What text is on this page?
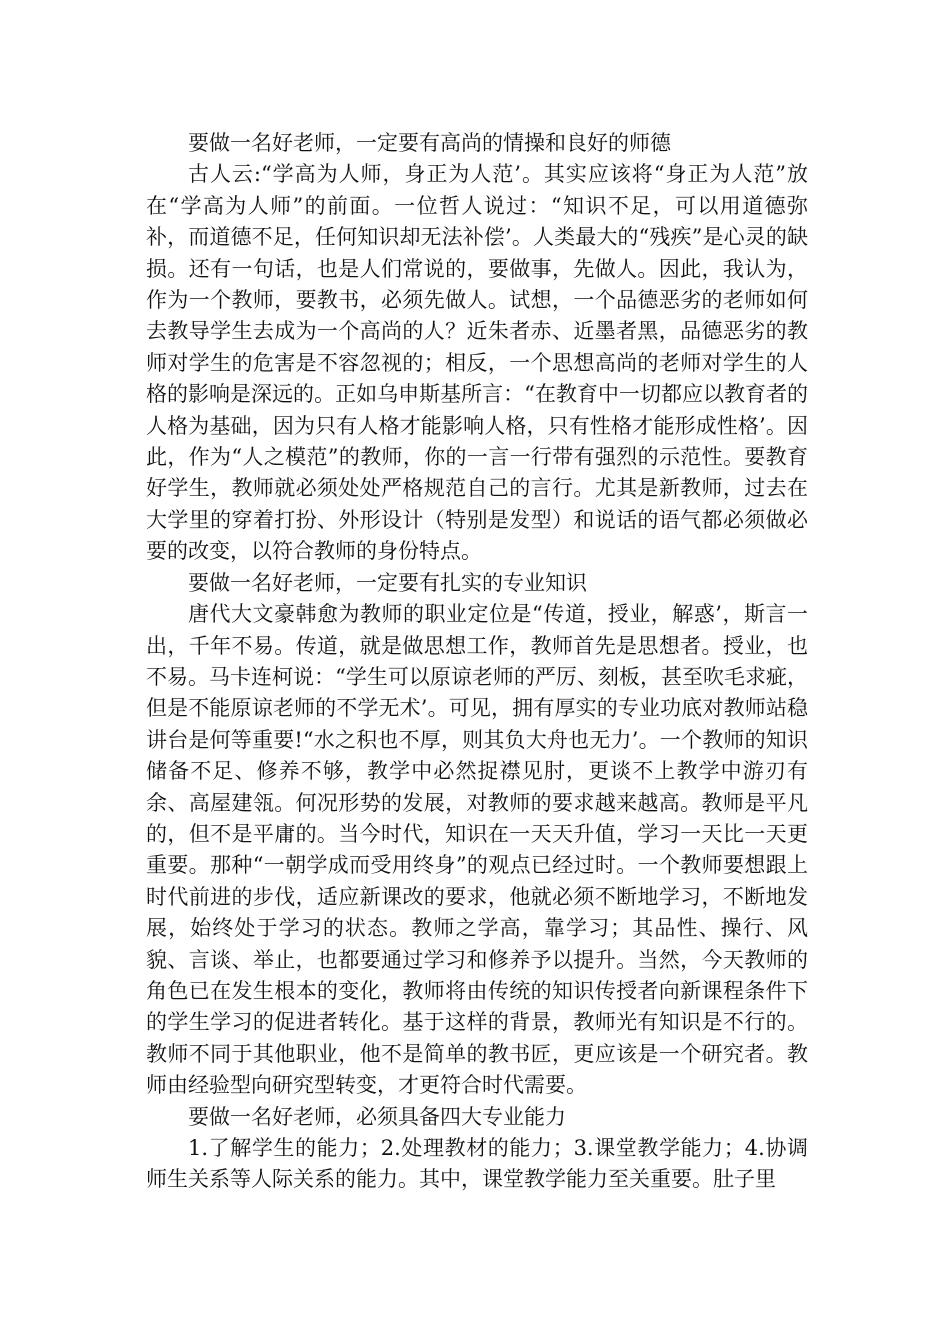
要做一名好老师，一定要有高尚的情操和良好的师德

古人云:“学高为人师，身正为人范’。其实应该将“身正为人范”放在“学高为人师”的前面。一位哲人说过：“知识不足，可以用道德弥补，而道德不足，任何知识却无法补偿’。人类最大的“残疾”是心灵的缺损。还有一句话，也是人们常说的，要做事，先做人。因此，我认为，作为一个教师，要教书，必须先做人。试想，一个品德恶劣的老师如何去教导学生去成为一个高尚的人？近朱者赤、近墨者黑，品德恶劣的教师对学生的危害是不容忽视的；相反，一个思想高尚的老师对学生的人格的影响是深远的。正如乌申斯基所言：“在教育中一切都应以教育者的人格为基础，因为只有人格才能影响人格，只有性格才能形成性格’。因此，作为“人之模范”的教师，你的一言一行带有强烈的示范性。要教育好学生，教师就必须处处严格规范自己的言行。尤其是新教师，过去在大学里的穿着打扮、外形设计（特别是发型）和说话的语气都必须做必要的改变，以符合教师的身份特点。

要做一名好老师，一定要有扎实的专业知识

唐代大文豪韩愈为教师的职业定位是“传道，授业，解惑’，斯言一出，千年不易。传道，就是做思想工作，教师首先是思想者。授业，也不易。马卡连柯说：“学生可以原谅老师的严厉、刻板，甚至吹毛求疵，但是不能原谅老师的不学无术’。可见，拥有厚实的专业功底对教师站稳讲台是何等重要!“水之积也不厚，则其负大舟也无力’。一个教师的知识储备不足、修养不够，教学中必然捉襟见肘，更谈不上教学中游刃有余、高屋建瓴。何况形势的发展，对教师的要求越来越高。教师是平凡的，但不是平庸的。当今时代，知识在一天天升值，学习一天比一天更重要。那种“一朝学成而受用终身”的观点已经过时。一个教师要想跟上时代前进的步伐，适应新课改的要求，他就必须不断地学习，不断地发展，始终处于学习的状态。教师之学高，靠学习；其品性、操行、风貌、言谈、举止，也都要通过学习和修养予以提升。当然，今天教师的角色已在发生根本的变化，教师将由传统的知识传授者向新课程条件下的学生学习的促进者转化。基于这样的背景，教师光有知识是不行的。教师不同于其他职业，他不是简单的教书匠，更应该是一个研究者。教师由经验型向研究型转变，才更符合时代需要。

要做一名好老师，必须具备四大专业能力

1.了解学生的能力；2.处理教材的能力；3.课堂教学能力；4.协调师生关系等人际关系的能力。其中，课堂教学能力至关重要。肚子里
